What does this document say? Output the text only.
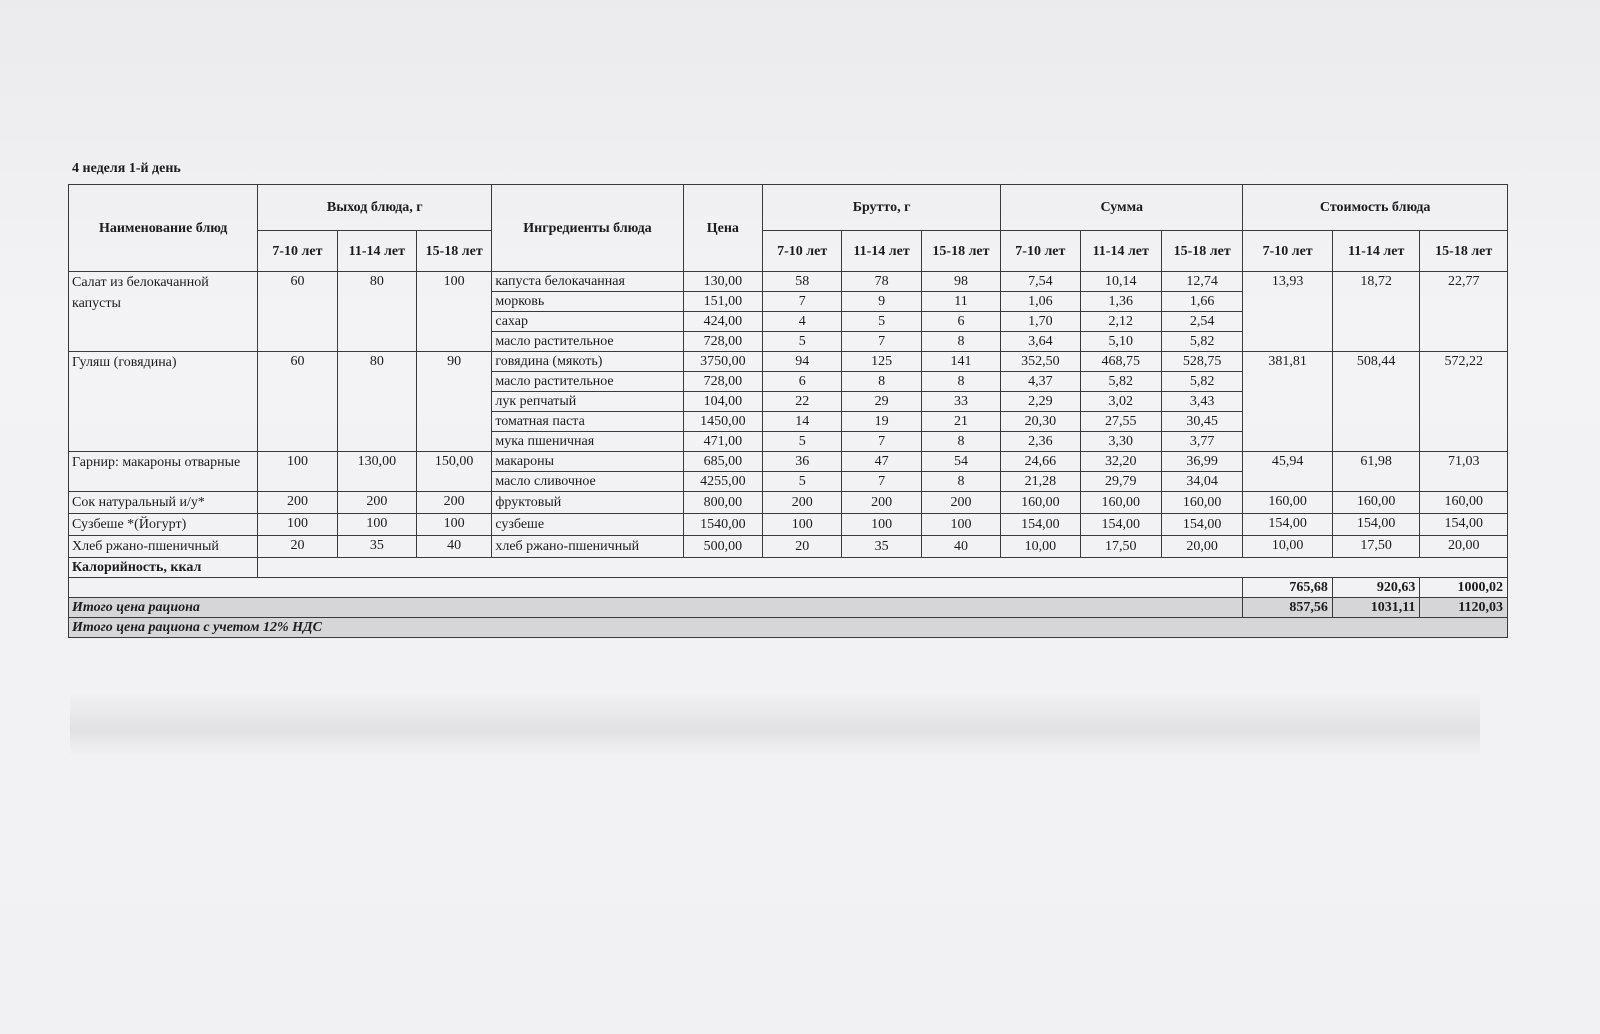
4 неделя 1-й день
Наименование блюд	Выход блюда, г			Ингредиенты блюда	Цена	Брутто, г			Сумма			Стоимость блюда		
	7-10 лет	11-14 лет	15-18 лет			7-10 лет	11-14 лет	15-18 лет	7-10 лет	11-14 лет	15-18 лет	7-10 лет	11-14 лет	15-18 лет
Салат из белокачанной капусты	60	80	100	капуста белокачанная	130,00	58	78	98	7,54	10,14	12,74	13,93	18,72	22,77
				морковь	151,00	7	9	11	1,06	1,36	1,66			
				сахар	424,00	4	5	6	1,70	2,12	2,54			
				масло растительное	728,00	5	7	8	3,64	5,10	5,82			
Гуляш (говядина)	60	80	90	говядина (мякоть)	3750,00	94	125	141	352,50	468,75	528,75	381,81	508,44	572,22
				масло растительное	728,00	6	8	8	4,37	5,82	5,82			
				лук репчатый	104,00	22	29	33	2,29	3,02	3,43			
				томатная паста	1450,00	14	19	21	20,30	27,55	30,45			
				мука пшеничная	471,00	5	7	8	2,36	3,30	3,77			
Гарнир: макароны отварные	100	130,00	150,00	макароны	685,00	36	47	54	24,66	32,20	36,99	45,94	61,98	71,03
				масло сливочное	4255,00	5	7	8	21,28	29,79	34,04			
Сок натуральный и/у*	200	200	200	фруктовый	800,00	200	200	200	160,00	160,00	160,00	160,00	160,00	160,00
Сузбеше *(Йогурт)	100	100	100	сузбеше	1540,00	100	100	100	154,00	154,00	154,00	154,00	154,00	154,00
Хлеб ржано-пшеничный	20	35	40	хлеб ржано-пшеничный	500,00	20	35	40	10,00	17,50	20,00	10,00	17,50	20,00
Калорийность, ккал														
												765,68	920,63	1000,02
Итого цена рациона												857,56	1031,11	1120,03
Итого цена рациона с учетом 12% НДС														
